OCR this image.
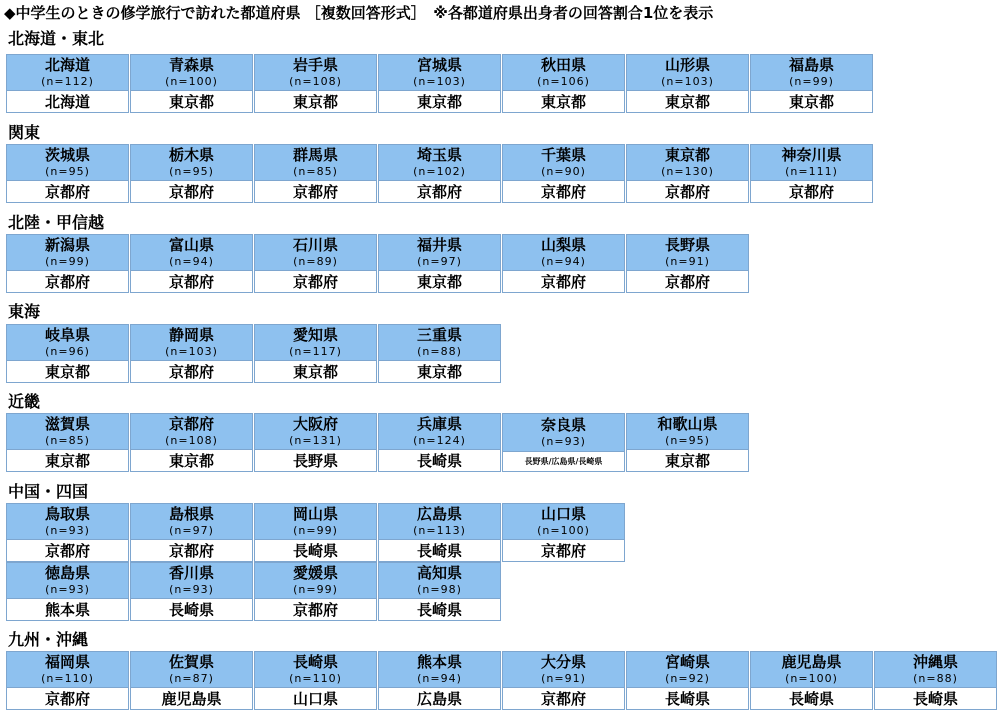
◆中学生のときの修学旅行で訪れた都道府県 ［複数回答形式］　※各都道府県出身者の回答割合1位を表示
北海道・東北
北海道
(n=112)
北海道
青森県
(n=100)
東京都
岩手県
(n=108)
東京都
宮城県
(n=103)
東京都
秋田県
(n=106)
東京都
山形県
(n=103)
東京都
福島県
(n=99)
東京都
関東
茨城県
(n=95)
京都府
栃木県
(n=95)
京都府
群馬県
(n=85)
京都府
埼玉県
(n=102)
京都府
千葉県
(n=90)
京都府
東京都
(n=130)
京都府
神奈川県
(n=111)
京都府
北陸・甲信越
新潟県
(n=99)
京都府
富山県
(n=94)
京都府
石川県
(n=89)
京都府
福井県
(n=97)
東京都
山梨県
(n=94)
京都府
長野県
(n=91)
京都府
東海
岐阜県
(n=96)
東京都
静岡県
(n=103)
京都府
愛知県
(n=117)
東京都
三重県
(n=88)
東京都
近畿
滋賀県
(n=85)
東京都
京都府
(n=108)
東京都
大阪府
(n=131)
長野県
兵庫県
(n=124)
長崎県
奈良県
(n=93)
長野県/広島県/長崎県
和歌山県
(n=95)
東京都
中国・四国
鳥取県
(n=93)
京都府
島根県
(n=97)
京都府
岡山県
(n=99)
長崎県
広島県
(n=113)
長崎県
山口県
(n=100)
京都府
徳島県
(n=93)
熊本県
香川県
(n=93)
長崎県
愛媛県
(n=99)
京都府
高知県
(n=98)
長崎県
九州・沖縄
福岡県
(n=110)
京都府
佐賀県
(n=87)
鹿児島県
長崎県
(n=110)
山口県
熊本県
(n=94)
広島県
大分県
(n=91)
京都府
宮崎県
(n=92)
長崎県
鹿児島県
(n=100)
長崎県
沖縄県
(n=88)
長崎県
